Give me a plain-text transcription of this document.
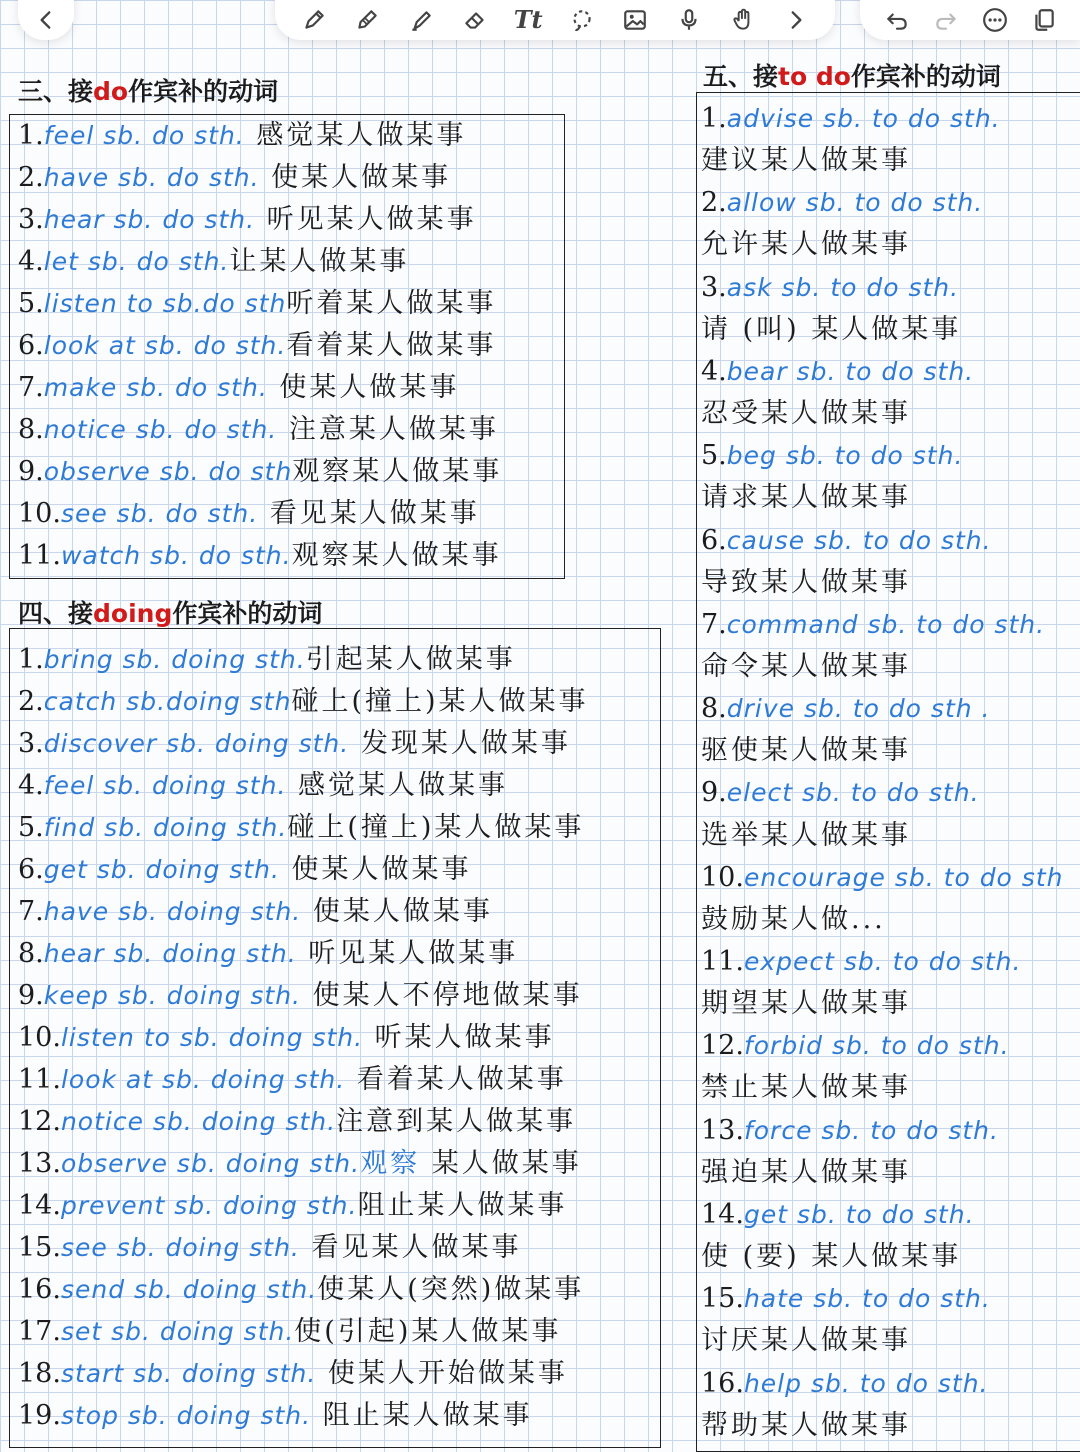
Tt
三、接do作宾补的动词
1.feel sb. do sth. 感觉某人做某事
2.have sb. do sth. 使某人做某事
3.hear sb. do sth. 听见某人做某事
4.let sb. do sth.让某人做某事
5.listen to sb.do sth听着某人做某事
6.look at sb. do sth.看着某人做某事
7.make sb. do sth. 使某人做某事
8.notice sb. do sth. 注意某人做某事
9.observe sb. do sth观察某人做某事
10.see sb. do sth. 看见某人做某事
11.watch sb. do sth.观察某人做某事
四、接doing作宾补的动词
1.bring sb. doing sth.引起某人做某事
2.catch sb.doing sth碰上(撞上)某人做某事
3.discover sb. doing sth. 发现某人做某事
4.feel sb. doing sth. 感觉某人做某事
5.find sb. doing sth.碰上(撞上)某人做某事
6.get sb. doing sth. 使某人做某事
7.have sb. doing sth. 使某人做某事
8.hear sb. doing sth. 听见某人做某事
9.keep sb. doing sth. 使某人不停地做某事
10.listen to sb. doing sth. 听某人做某事
11.look at sb. doing sth. 看着某人做某事
12.notice sb. doing sth.注意到某人做某事
13.observe sb. doing sth.观察 某人做某事
14.prevent sb. doing sth.阻止某人做某事
15.see sb. doing sth. 看见某人做某事
16.send sb. doing sth.使某人(突然)做某事
17.set sb. doing sth.使(引起)某人做某事
18.start sb. doing sth. 使某人开始做某事
19.stop sb. doing sth. 阻止某人做某事
五、接to do作宾补的动词
1.advise sb. to do sth.
建议某人做某事
2.allow sb. to do sth.
允许某人做某事
3.ask sb. to do sth.
请 (叫) 某人做某事
4.bear sb. to do sth.
忍受某人做某事
5.beg sb. to do sth.
请求某人做某事
6.cause sb. to do sth.
导致某人做某事
7.command sb. to do sth.
命令某人做某事
8.drive sb. to do sth .
驱使某人做某事
9.elect sb. to do sth.
选举某人做某事
10.encourage sb. to do sth
鼓励某人做...
11.expect sb. to do sth.
期望某人做某事
12.forbid sb. to do sth.
禁止某人做某事
13.force sb. to do sth.
强迫某人做某事
14.get sb. to do sth.
使 (要) 某人做某事
15.hate sb. to do sth.
讨厌某人做某事
16.help sb. to do sth.
帮助某人做某事
